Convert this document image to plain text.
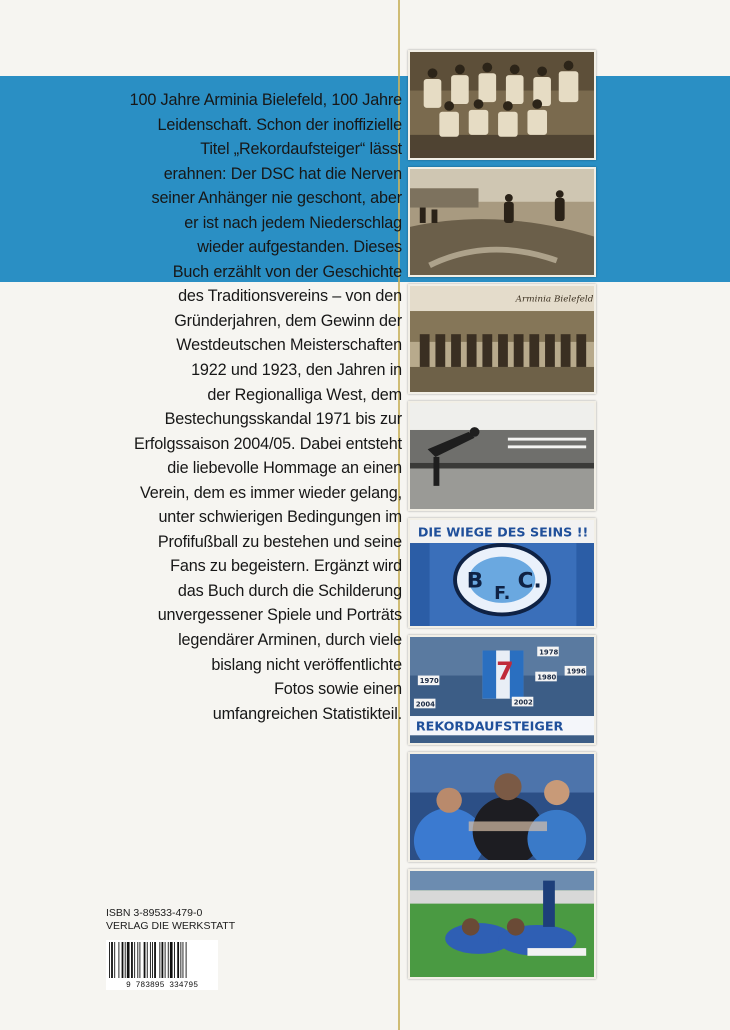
100 Jahre Arminia Bielefeld, 100 Jahre
Leidenschaft. Schon der inoffizielle
Titel „Rekordaufsteiger“ lässt
erahnen: Der DSC hat die Nerven
seiner Anhänger nie geschont, aber
er ist nach jedem Niederschlag
wieder aufgestanden. Dieses
Buch erzählt von der Geschichte
des Traditionsvereins – von den
Gründerjahren, dem Gewinn der
Westdeutschen Meisterschaften
1922 und 1923, den Jahren in
der Regionalliga West, dem
Bestechungsskandal 1971 bis zur
Erfolgssaison 2004/05. Dabei entsteht
die liebevolle Hommage an einen
Verein, dem es immer wieder gelang,
unter schwierigen Bedingungen im
Profifußball zu bestehen und seine
Fans zu begeistern. Ergänzt wird
das Buch durch die Schilderung
unvergessener Spiele und Porträts
legendärer Arminen, durch viele
bislang nicht veröffentlichte
Fotos sowie einen
umfangreichen Statistikteil.
Arminia Bielefeld
DIE WIEGE DES SEINS !!
B
F.
C.
7
1970
1978
1980
1996
2002
2004
REKORDAUFSTEIGER
ISBN 3-89533-479-0
VERLAG DIE WERKSTATT
9 783895 334795
